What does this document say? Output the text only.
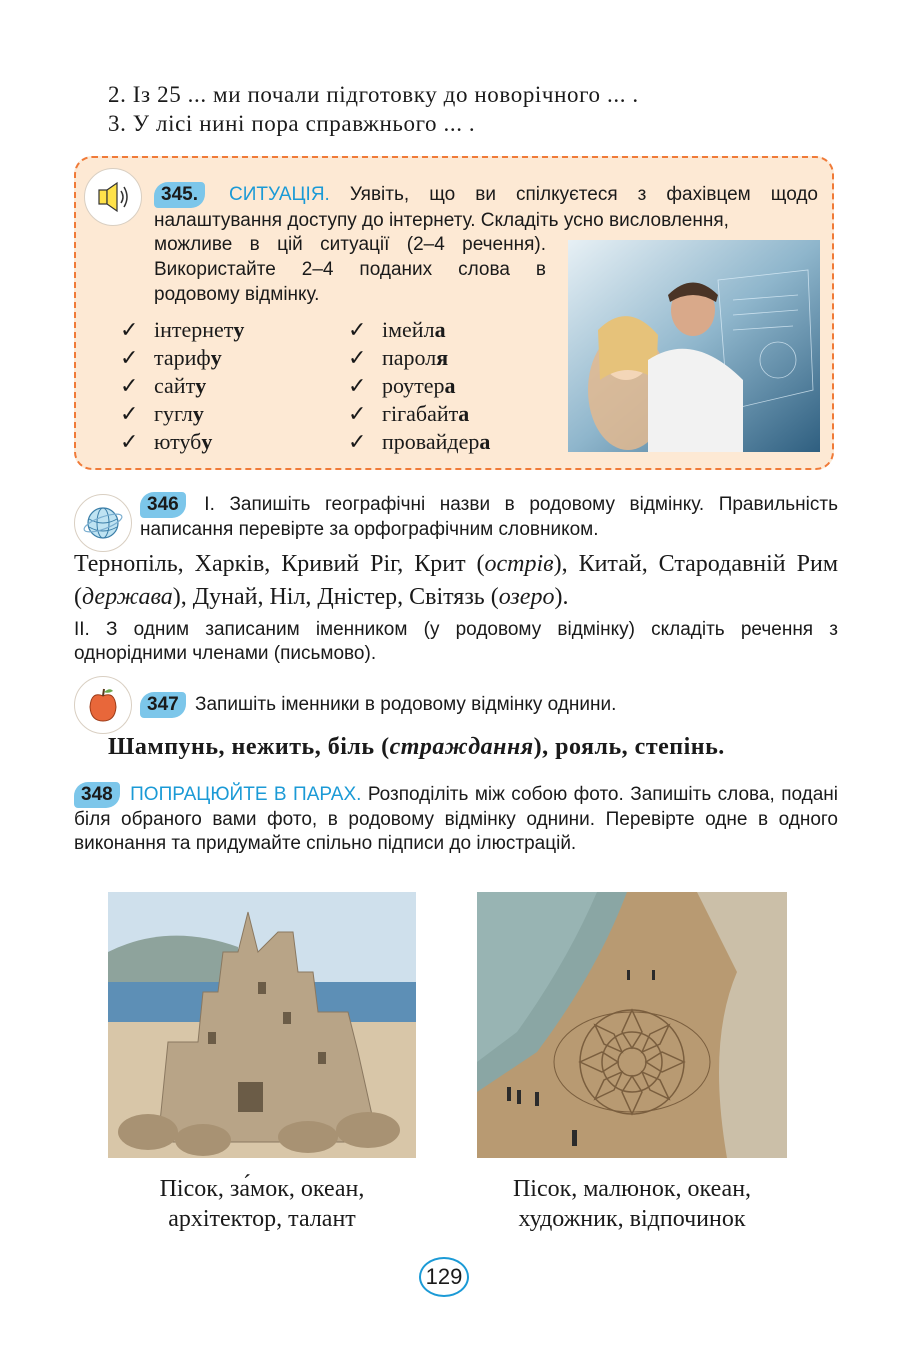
2. Із 25 ... ми почали підготовку до новорічного ... .
3. У лісі нині пора справжнього ... .
345. СИТУАЦІЯ. Уявіть, що ви спілкуєтеся з фахівцем щодо налаштування доступу до інтернету. Складіть усно висловлення,
можливе в цій ситуації (2–4 речення). Використайте 2–4 поданих слова в родовому відмінку.
✓ інтернету
✓ тарифу
✓ сайту
✓ гуглу
✓ ютубу
✓ імейла
✓ пароля
✓ роутера
✓ гігабайта
✓ провайдера
346 І. Запишіть географічні назви в родовому відмінку. Правильність написання перевірте за орфографічним словником.
Тернопіль, Харків, Кривий Ріг, Крит (острів), Китай, Стародавній Рим (держава), Дунай, Ніл, Дністер, Світязь (озеро).
ІІ. З одним записаним іменником (у родовому відмінку) складіть речення з однорідними членами (письмово).
347 Запишіть іменники в родовому відмінку однини.
Шампунь, нежить, біль (страждання), рояль, степінь.
348 ПОПРАЦЮЙТЕ В ПАРАХ. Розподіліть між собою фото. Запишіть слова, подані біля обраного вами фото, в родовому відмінку однини. Перевірте одне в одного виконання та придумайте спільно підписи до ілюстрацій.
Пісок, за́мок, океан,
архітектор, талант
Пісок, малюнок, океан,
художник, відпочинок
129
